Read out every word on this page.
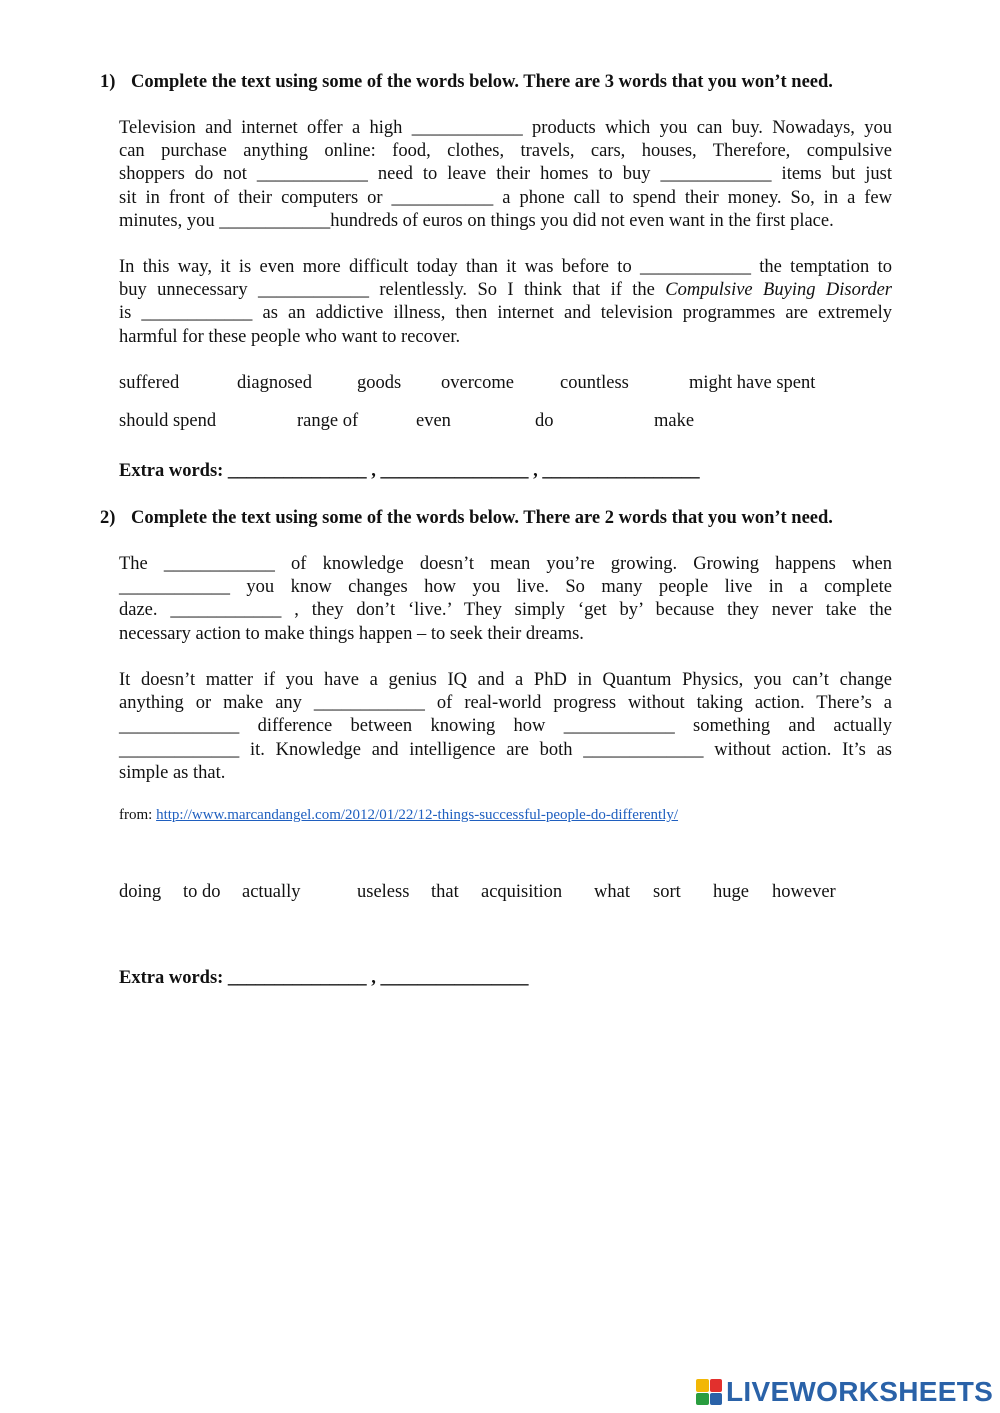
1) Complete the text using some of the words below. There are 3 words that you won’t need.
Television and internet offer a high ____________ products which you can buy. Nowadays, you
can purchase anything online: food, clothes, travels, cars, houses, Therefore, compulsive
shoppers do not ____________ need to leave their homes to buy ____________ items but just
sit in front of their computers or ___________ a phone call to spend their money. So, in a few
minutes, you ____________hundreds of euros on things you did not even want in the first place.
In this way, it is even more difficult today than it was before to ____________ the temptation to
buy unnecessary ____________ relentlessly. So I think that if the Compulsive Buying Disorder
is ____________ as an addictive illness, then internet and television programmes are extremely
harmful for these people who want to recover.
suffered	diagnosed goods overcome countless	might have spent
should spend	range of	even	do	make
Extra words: _______________ , ________________ , _________________
2) Complete the text using some of the words below. There are 2 words that you won’t need.
The ____________ of knowledge doesn’t mean you’re growing. Growing happens when
____________ you know changes how you live. So many people live in a complete
daze. ____________ , they don’t ‘live.’ They simply ‘get by’ because they never take the
necessary action to make things happen – to seek their dreams.
It doesn’t matter if you have a genius IQ and a PhD in Quantum Physics, you can’t change
anything or make any ____________ of real-world progress without taking action. There’s a
_____________ difference between knowing how ____________ something and actually
_____________ it. Knowledge and intelligence are both _____________ without action. It’s as
simple as that.
from: http://www.marcandangel.com/2012/01/22/12-things-successful-people-do-differently/
doing to do actually	useless that acquisition what sort huge however
Extra words: _______________ , ________________
LIVEWORKSHEETS
